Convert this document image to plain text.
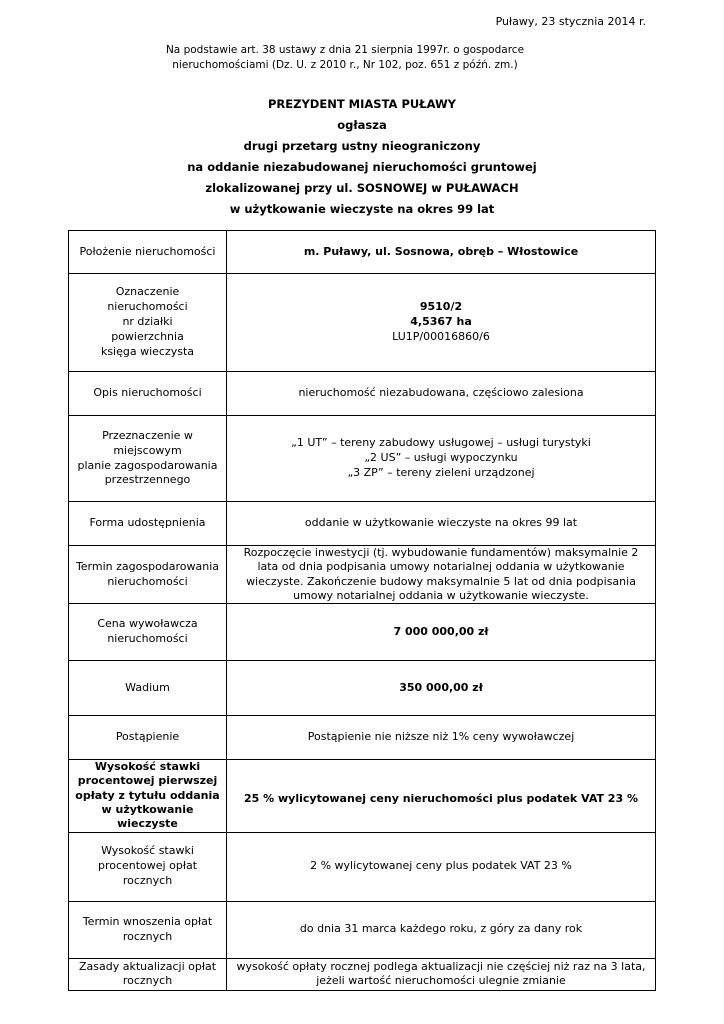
Puławy, 23 stycznia 2014 r.
Na podstawie art. 38 ustawy z dnia 21 sierpnia 1997r. o gospodarce
nieruchomościami (Dz. U. z 2010 r., Nr 102, poz. 651 z późń. zm.)
PREZYDENT MIASTA PUŁAWY
ogłasza
drugi przetarg ustny nieograniczony
na oddanie niezabudowanej nieruchomości gruntowej
zlokalizowanej przy ul. SOSNOWEJ w PUŁAWACH
w użytkowanie wieczyste na okres 99 lat
Położenie nieruchomości	m. Puławy, ul. Sosnowa, obręb – Włostowice

Oznaczenie
nieruchomości
nr działki
powierzchnia
księga wieczysta	9510/2
4,5367 ha
LU1P/00016860/6

Opis nieruchomości	nieruchomość niezabudowana, częściowo zalesiona

Przeznaczenie w
miejscowym
planie zagospodarowania
przestrzennego	„1 UT” – tereny zabudowy usługowej – usługi turystyki
„2 US” – usługi wypoczynku
„3 ZP” – tereny zieleni urządzonej

Forma udostępnienia	oddanie w użytkowanie wieczyste na okres 99 lat

Termin zagospodarowania
nieruchomości	Rozpoczęcie inwestycji (tj. wybudowanie fundamentów) maksymalnie 2
lata od dnia podpisania umowy notarialnej oddania w użytkowanie
wieczyste. Zakończenie budowy maksymalnie 5 lat od dnia podpisania
umowy notarialnej oddania w użytkowanie wieczyste.

Cena wywoławcza
nieruchomości	7 000 000,00 zł

Wadium	350 000,00 zł

Postąpienie	Postąpienie nie niższe niż 1% ceny wywoławczej

Wysokość stawki
procentowej pierwszej
opłaty z tytułu oddania
w użytkowanie
wieczyste	25 % wylicytowanej ceny nieruchomości plus podatek VAT 23 %

Wysokość stawki
procentowej opłat
rocznych	2 % wylicytowanej ceny plus podatek VAT 23 %

Termin wnoszenia opłat
rocznych	do dnia 31 marca każdego roku, z góry za dany rok

Zasady aktualizacji opłat
rocznych	wysokość opłaty rocznej podlega aktualizacji nie częściej niż raz na 3 lata,
jeżeli wartość nieruchomości ulegnie zmianie
